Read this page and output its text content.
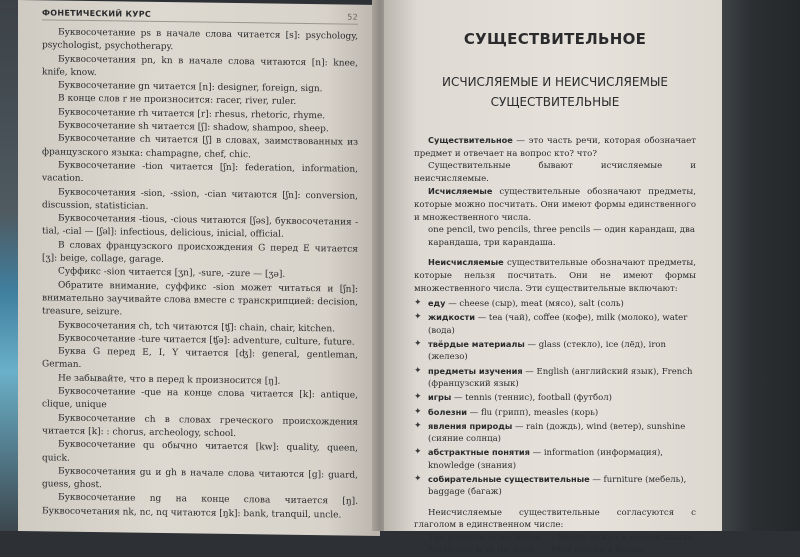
ФОНЕТИЧЕСКИЙ КУРС	52

Буквосочетание ps в начале слова читается [s]: psychology, psychologist, psychotherapy.

Буквосочетания pn, kn в начале слова читаются [n]: knee, knife, know.

Буквосочетание gn читается [n]: designer, foreign, sign.

В конце слов r не произносится: racer, river, ruler.

Буквосочетание rh читается [r]: rhesus, rhetoric, rhyme.

Буквосочетание sh читается [ʃ]: shadow, shampoo, sheep.

Буквосочетание ch читается [ʃ] в словах, заимствованных из французского языка: champagne, chef, chic.

Буквосочетание -tion читается [ʃn]: federation, information, vacation.

Буквосочетания -sion, -ssion, -cian читаются [ʃn]: conversion, discussion, statistician.

Буквосочетания -tious, -cious читаются [ʃəs], буквосочетания -tial, -cial — [ʃəl]: infectious, delicious, inicial, official.

В словах французского происхождения G перед E читается [ʒ]: beige, collage, garage.

Суффикс -sion читается [ʒn], -sure, -zure — [ʒə].

Обратите внимание, суффикс -sion может читаться и [ʃn]: внимательно заучивайте слова вместе с транскрипцией: decision, treasure, seizure.

Буквосочетания ch, tch читаются [ʧ]: chain, chair, kitchen.

Буквосочетание -ture читается [ʧə]: adventure, culture, future.

Буква G перед E, I, Y читается [ʤ]: general, gentleman, German.

Не забывайте, что в перед k произносится [ŋ].

Буквосочетание -que на конце слова читается [k]: antique, clique, unique

Буквосочетание ch в словах греческого происхождения читается [k]: : chorus, archeology, school.

Буквосочетание qu обычно читается [kw]: quality, queen, quick.

Буквосочетания gu и gh в начале слова читаются [g]: guard, guess, ghost.

Буквосочетание ng на конце слова читается [ŋ]. Буквосочетания nk, nc, nq читаются [ŋk]: bank, tranquil, uncle.

СУЩЕСТВИТЕЛЬНОЕ
ИСЧИСЛЯЕМЫЕ И НЕИСЧИСЛЯЕМЫЕ
СУЩЕСТВИТЕЛЬНЫЕ

Существительное — это часть речи, которая обозначает предмет и отвечает на вопрос кто? что?

Существительные бывают исчисляемые и неисчисляемые.

Исчисляемые существительные обозначают предметы, которые можно посчитать. Они имеют формы единственного и множественного числа.

one pencil, two pencils, three pencils — один карандаш, два карандаша, три карандаша.

Неисчисляемые существительные обозначают предметы, которые нельзя посчитать. Они не имеют формы множественного числа. Эти существительные включают:

✦ еду — cheese (сыр), meat (мясо), salt (соль)
✦ жидкости — tea (чай), coffee (кофе), milk (молоко), water (вода)
✦ твёрдые материалы — glass (стекло), ice (лёд), iron (железо)
✦ предметы изучения — English (английский язык), French (французский язык)
✦ игры — tennis (теннис), football (футбол)
✦ болезни — flu (грипп), measles (корь)
✦ явления природы — rain (дождь), wind (ветер), sunshine (сияние солнца)
✦ абстрактные понятия — information (информация), knowledge (знания)
✦ собирательные существительные — furniture (мебель), baggage (багаж)

Неисчисляемые существительные согласуются с глаголом в единственном числе:

The butter is in the fridge. — Масло лежит в холодильнике.

My money is in the bank. — Мои деньги в банке.
